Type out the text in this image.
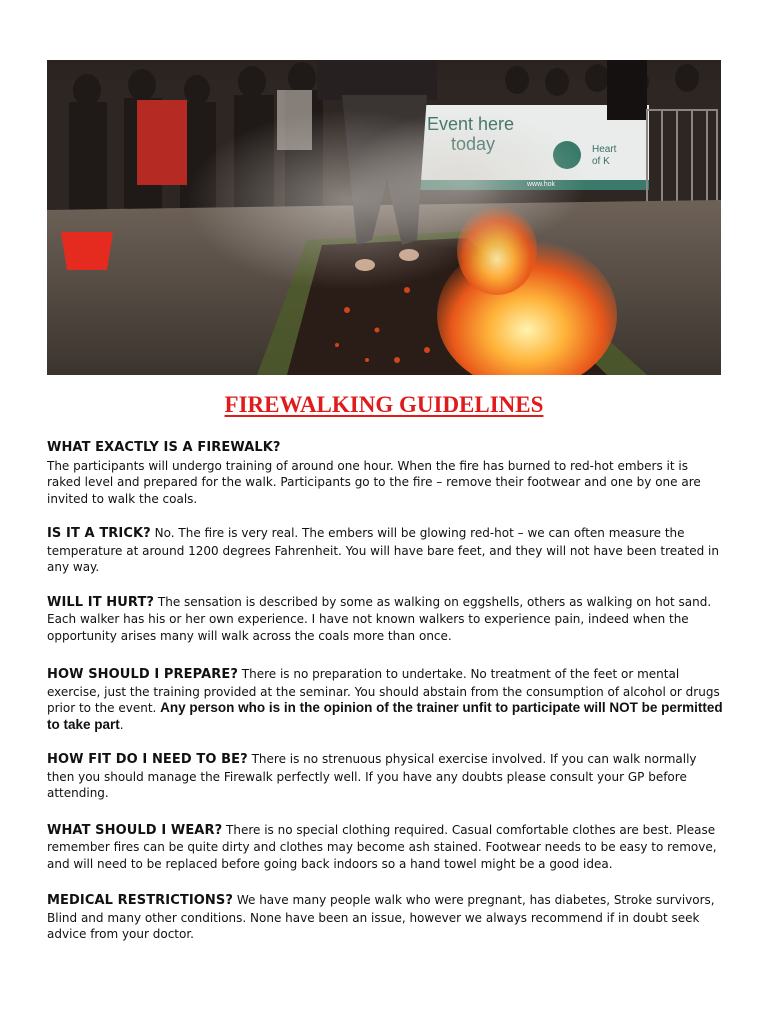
Heart
of K
FIREWALKING GUIDELINES
WHAT EXACTLY IS A FIREWALK?
The participants will undergo training of around one hour. When the fire has burned to red-hot embers it is raked level and prepared for the walk. Participants go to the fire – remove their footwear and one by one are invited to walk the coals.

IS IT A TRICK? No. The fire is very real. The embers will be glowing red-hot – we can often measure the temperature at around 1200 degrees Fahrenheit. You will have bare feet, and they will not have been treated in any way.

WILL IT HURT? The sensation is described by some as walking on eggshells, others as walking on hot sand. Each walker has his or her own experience. I have not known walkers to experience pain, indeed when the opportunity arises many will walk across the coals more than once.

HOW SHOULD I PREPARE? There is no preparation to undertake. No treatment of the feet or mental exercise, just the training provided at the seminar. You should abstain from the consumption of alcohol or drugs prior to the event. Any person who is in the opinion of the trainer unfit to participate will NOT be permitted to take part.

HOW FIT DO I NEED TO BE? There is no strenuous physical exercise involved. If you can walk normally then you should manage the Firewalk perfectly well. If you have any doubts please consult your GP before attending.

WHAT SHOULD I WEAR? There is no special clothing required. Casual comfortable clothes are best. Please remember fires can be quite dirty and clothes may become ash stained. Footwear needs to be easy to remove, and will need to be replaced before going back indoors so a hand towel might be a good idea.

MEDICAL RESTRICTIONS? We have many people walk who were pregnant, has diabetes, Stroke survivors, Blind and many other conditions. None have been an issue, however we always recommend if in doubt seek advice from your doctor.
